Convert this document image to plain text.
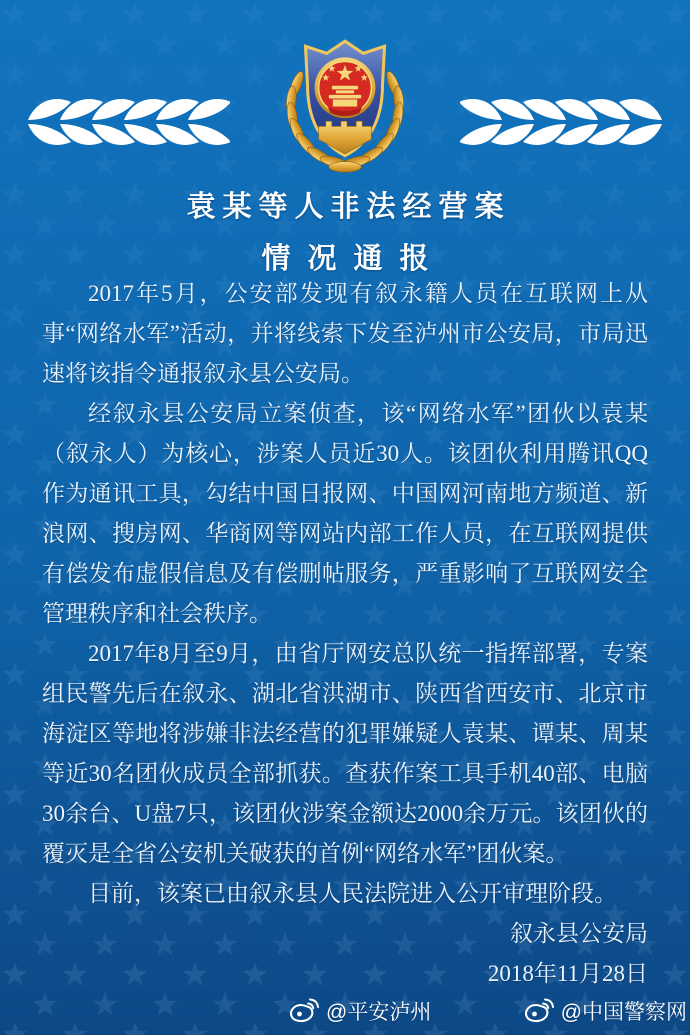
袁某等人非法经营案
情况通报

2017年5月，公安部发现有叙永籍人员在互联网上从事“网络水军”活动，并将线索下发至泸州市公安局，市局迅速将该指令通报叙永县公安局。

经叙永县公安局立案侦查，该“网络水军”团伙以袁某（叙永人）为核心，涉案人员近30人。该团伙利用腾讯QQ作为通讯工具，勾结中国日报网、中国网河南地方频道、新浪网、搜房网、华商网等网站内部工作人员，在互联网提供有偿发布虚假信息及有偿删帖服务，严重影响了互联网安全管理秩序和社会秩序。

2017年8月至9月，由省厅网安总队统一指挥部署，专案组民警先后在叙永、湖北省洪湖市、陕西省西安市、北京市海淀区等地将涉嫌非法经营的犯罪嫌疑人袁某、谭某、周某等近30名团伙成员全部抓获。查获作案工具手机40部、电脑30余台、U盘7只，该团伙涉案金额达2000余万元。该团伙的覆灭是全省公安机关破获的首例“网络水军”团伙案。

目前，该案已由叙永县人民法院进入公开审理阶段。

叙永县公安局

2018年11月28日

@平安泸州	@中国警察网
